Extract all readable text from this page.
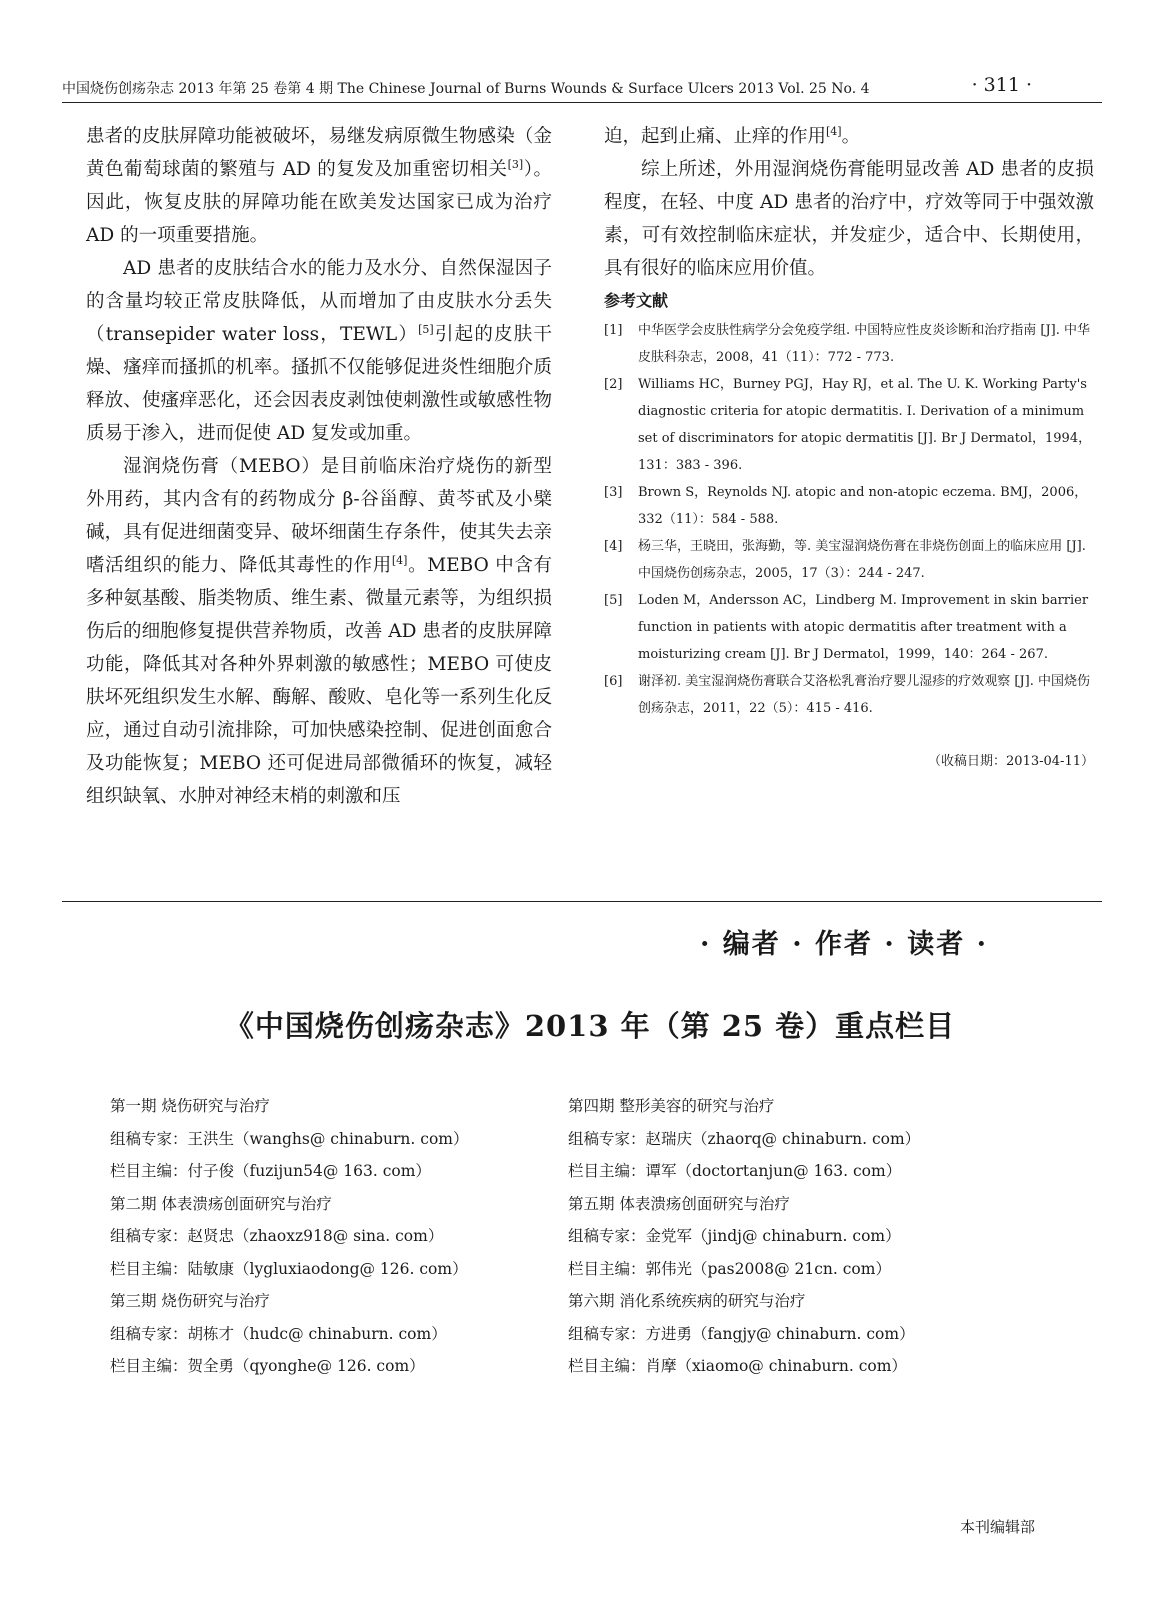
中国烧伤创疡杂志 2013 年第 25 卷第 4 期 The Chinese Journal of Burns Wounds & Surface Ulcers 2013 Vol. 25 No. 4	· 311 ·

患者的皮肤屏障功能被破坏，易继发病原微生物感染（金黄色葡萄球菌的繁殖与 AD 的复发及加重密切相关[3]）。因此，恢复皮肤的屏障功能在欧美发达国家已成为治疗 AD 的一项重要措施。

AD 患者的皮肤结合水的能力及水分、自然保湿因子的含量均较正常皮肤降低，从而增加了由皮肤水分丢失（transepider water loss，TEWL）[5]引起的皮肤干燥、瘙痒而搔抓的机率。搔抓不仅能够促进炎性细胞介质释放、使瘙痒恶化，还会因表皮剥蚀使刺激性或敏感性物质易于渗入，进而促使 AD 复发或加重。

湿润烧伤膏（MEBO）是目前临床治疗烧伤的新型外用药，其内含有的药物成分 β-谷甾醇、黄芩甙及小檗碱，具有促进细菌变异、破坏细菌生存条件，使其失去亲嗜活组织的能力、降低其毒性的作用[4]。MEBO 中含有多种氨基酸、脂类物质、维生素、微量元素等，为组织损伤后的细胞修复提供营养物质，改善 AD 患者的皮肤屏障功能，降低其对各种外界刺激的敏感性；MEBO 可使皮肤坏死组织发生水解、酶解、酸败、皂化等一系列生化反应，通过自动引流排除，可加快感染控制、促进创面愈合及功能恢复；MEBO 还可促进局部微循环的恢复，减轻组织缺氧、水肿对神经末梢的刺激和压

迫，起到止痛、止痒的作用[4]。

综上所述，外用湿润烧伤膏能明显改善 AD 患者的皮损程度，在轻、中度 AD 患者的治疗中，疗效等同于中强效激素，可有效控制临床症状，并发症少，适合中、长期使用，具有很好的临床应用价值。

参考文献
[1] 中华医学会皮肤性病学分会免疫学组. 中国特应性皮炎诊断和治疗指南 [J]. 中华皮肤科杂志，2008，41（11）：772 - 773.
[2] Williams HC，Burney PGJ，Hay RJ，et al. The U. K. Working Party's diagnostic criteria for atopic dermatitis. I. Derivation of a minimum set of discriminators for atopic dermatitis [J]. Br J Dermatol，1994，131：383 - 396.
[3] Brown S，Reynolds NJ. atopic and non-atopic eczema. BMJ，2006，332（11）：584 - 588.
[4] 杨三华，王晓田，张海勤，等. 美宝湿润烧伤膏在非烧伤创面上的临床应用 [J]. 中国烧伤创疡杂志，2005，17（3）：244 - 247.
[5] Loden M，Andersson AC，Lindberg M. Improvement in skin barrier function in patients with atopic dermatitis after treatment with a moisturizing cream [J]. Br J Dermatol，1999，140：264 - 267.
[6] 谢泽初. 美宝湿润烧伤膏联合艾洛松乳膏治疗婴儿湿疹的疗效观察 [J]. 中国烧伤创疡杂志，2011，22（5）：415 - 416.
（收稿日期：2013-04-11）
· 编者 · 作者 · 读者 ·
《中国烧伤创疡杂志》2013 年（第 25 卷）重点栏目
第一期 烧伤研究与治疗
组稿专家：王洪生（wanghs@ chinaburn. com）
栏目主编：付子俊（fuzijun54@ 163. com）
第二期 体表溃疡创面研究与治疗
组稿专家：赵贤忠（zhaoxz918@ sina. com）
栏目主编：陆敏康（lygluxiaodong@ 126. com）
第三期 烧伤研究与治疗
组稿专家：胡栋才（hudc@ chinaburn. com）
栏目主编：贺全勇（qyonghe@ 126. com）
第四期 整形美容的研究与治疗
组稿专家：赵瑞庆（zhaorq@ chinaburn. com）
栏目主编：谭军（doctortanjun@ 163. com）
第五期 体表溃疡创面研究与治疗
组稿专家：金党军（jindj@ chinaburn. com）
栏目主编：郭伟光（pas2008@ 21cn. com）
第六期 消化系统疾病的研究与治疗
组稿专家：方进勇（fangjy@ chinaburn. com）
栏目主编：肖摩（xiaomo@ chinaburn. com）
本刊编辑部
